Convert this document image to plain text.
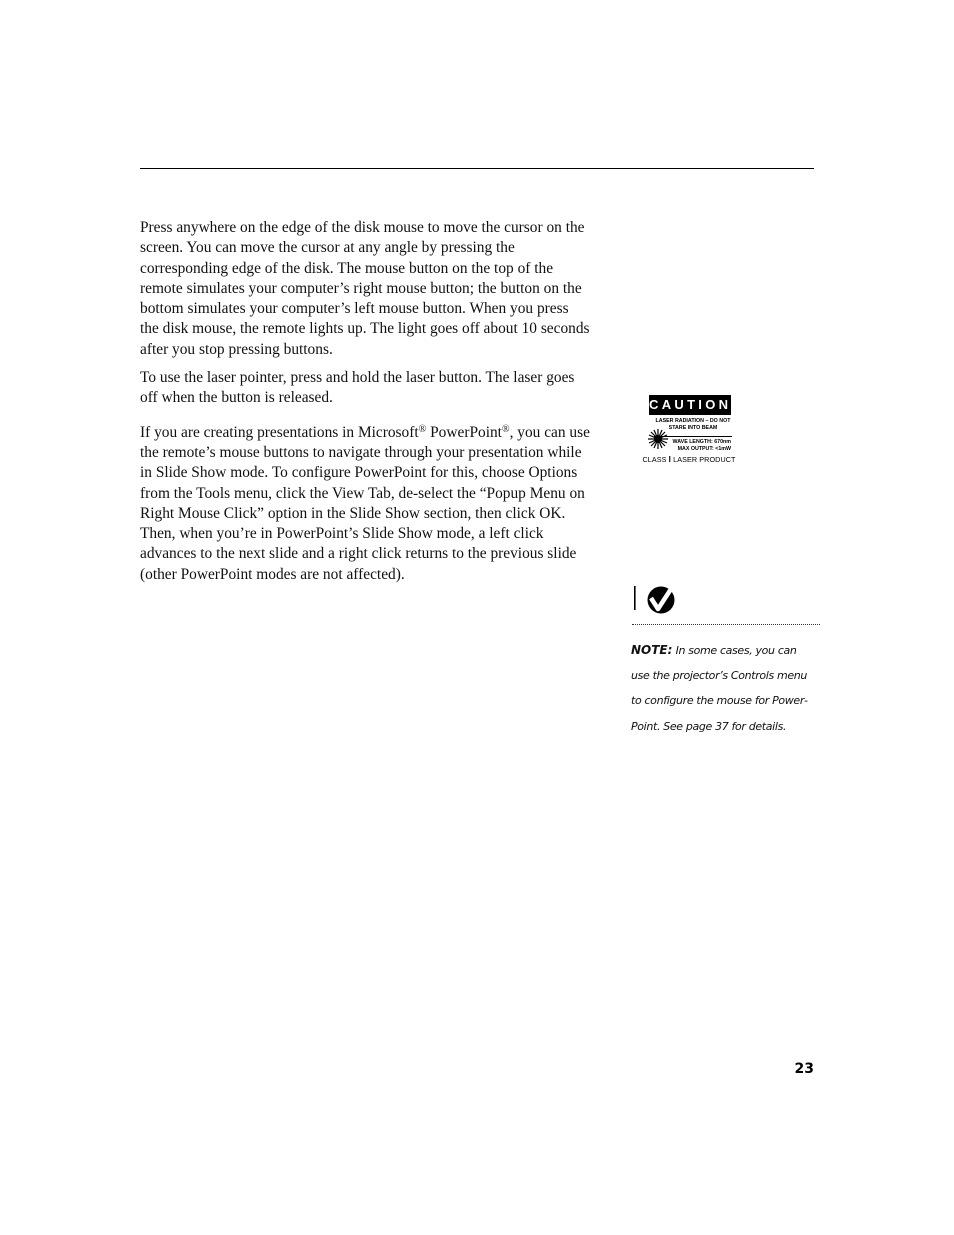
Press anywhere on the edge of the disk mouse to move the cursor on the screen. You can move the cursor at any angle by pressing the corresponding edge of the disk. The mouse button on the top of the remote simulates your computer’s right mouse button; the button on the bottom simulates your computer’s left mouse button. When you press the disk mouse, the remote lights up. The light goes off about 10 seconds after you stop pressing buttons.

To use the laser pointer, press and hold the laser button. The laser goes off when the button is released.

If you are creating presentations in Microsoft® PowerPoint®, you can use the remote’s mouse buttons to navigate through your presentation while in Slide Show mode. To configure PowerPoint for this, choose Options from the Tools menu, click the View Tab, de-select the “Popup Menu on Right Mouse Click” option in the Slide Show section, then click OK. Then, when you’re in PowerPoint’s Slide Show mode, a left click advances to the next slide and a right click returns to the previous slide (other PowerPoint modes are not affected).

CAUTION
LASER RADIATION – DO NOT
STARE INTO BEAM
WAVE LENGTH: 670nm
MAX OUTPUT: <1mW
CLASS I LASER PRODUCT
NOTE: In some cases, you can use the projector’s Controls menu to configure the mouse for PowerPoint. See page 37 for details.
23
